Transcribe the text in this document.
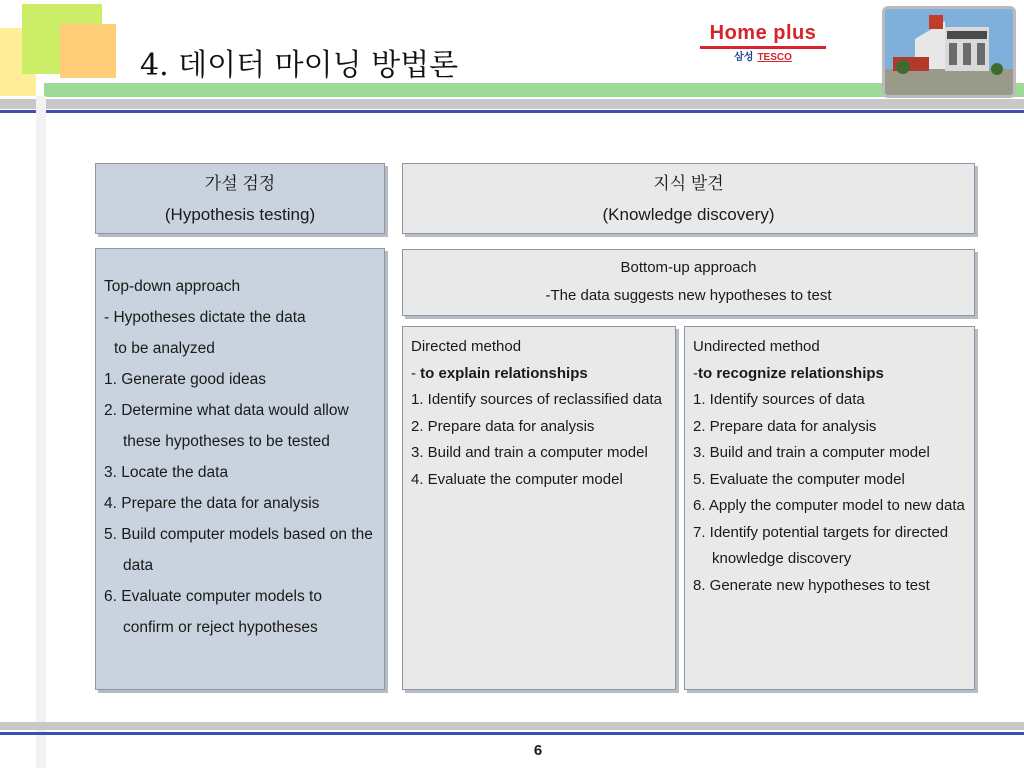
4. 데이터 마이닝 방법론
Home plus
삼성 TESCO
가설 검정
(Hypothesis testing)
지식 발견
(Knowledge discovery)
Top-down approach
- Hypotheses dictate the data
to be analyzed
1. Generate good ideas
2. Determine what data would allow these hypotheses to be tested
3. Locate the data
4. Prepare the data for analysis
5. Build computer models based on the data
6. Evaluate computer models to confirm or reject hypotheses
Bottom-up approach
-The data suggests new hypotheses to test
Directed method
- to explain relationships
1. Identify sources of reclassified data
2. Prepare data for analysis
3. Build and train a computer model
4. Evaluate the computer model
Undirected method
-to recognize relationships
1. Identify sources of data
2. Prepare data for analysis
3. Build and train a computer model
5. Evaluate the computer model
6. Apply the computer model to new data
7. Identify potential targets for directed knowledge discovery
8. Generate new hypotheses to test
6
